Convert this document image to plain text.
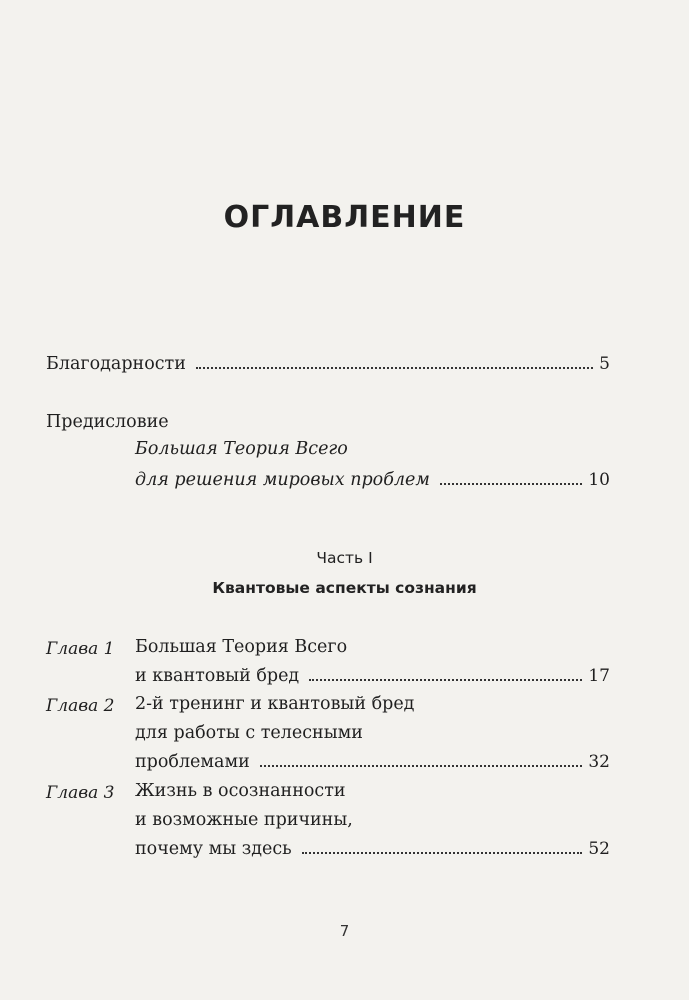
ОГЛАВЛЕНИЕ
Благодарности	5
Предисловие
Большая Теория Всего
для решения мировых проблем	10
Часть I
Квантовые аспекты сознания
Глава 1 Большая Теория Всего
и квантовый бред	17
Глава 2 2-й тренинг и квантовый бред
для работы с телесными
проблемами	32
Глава 3 Жизнь в осознанности
и возможные причины,
почему мы здесь	52
7
